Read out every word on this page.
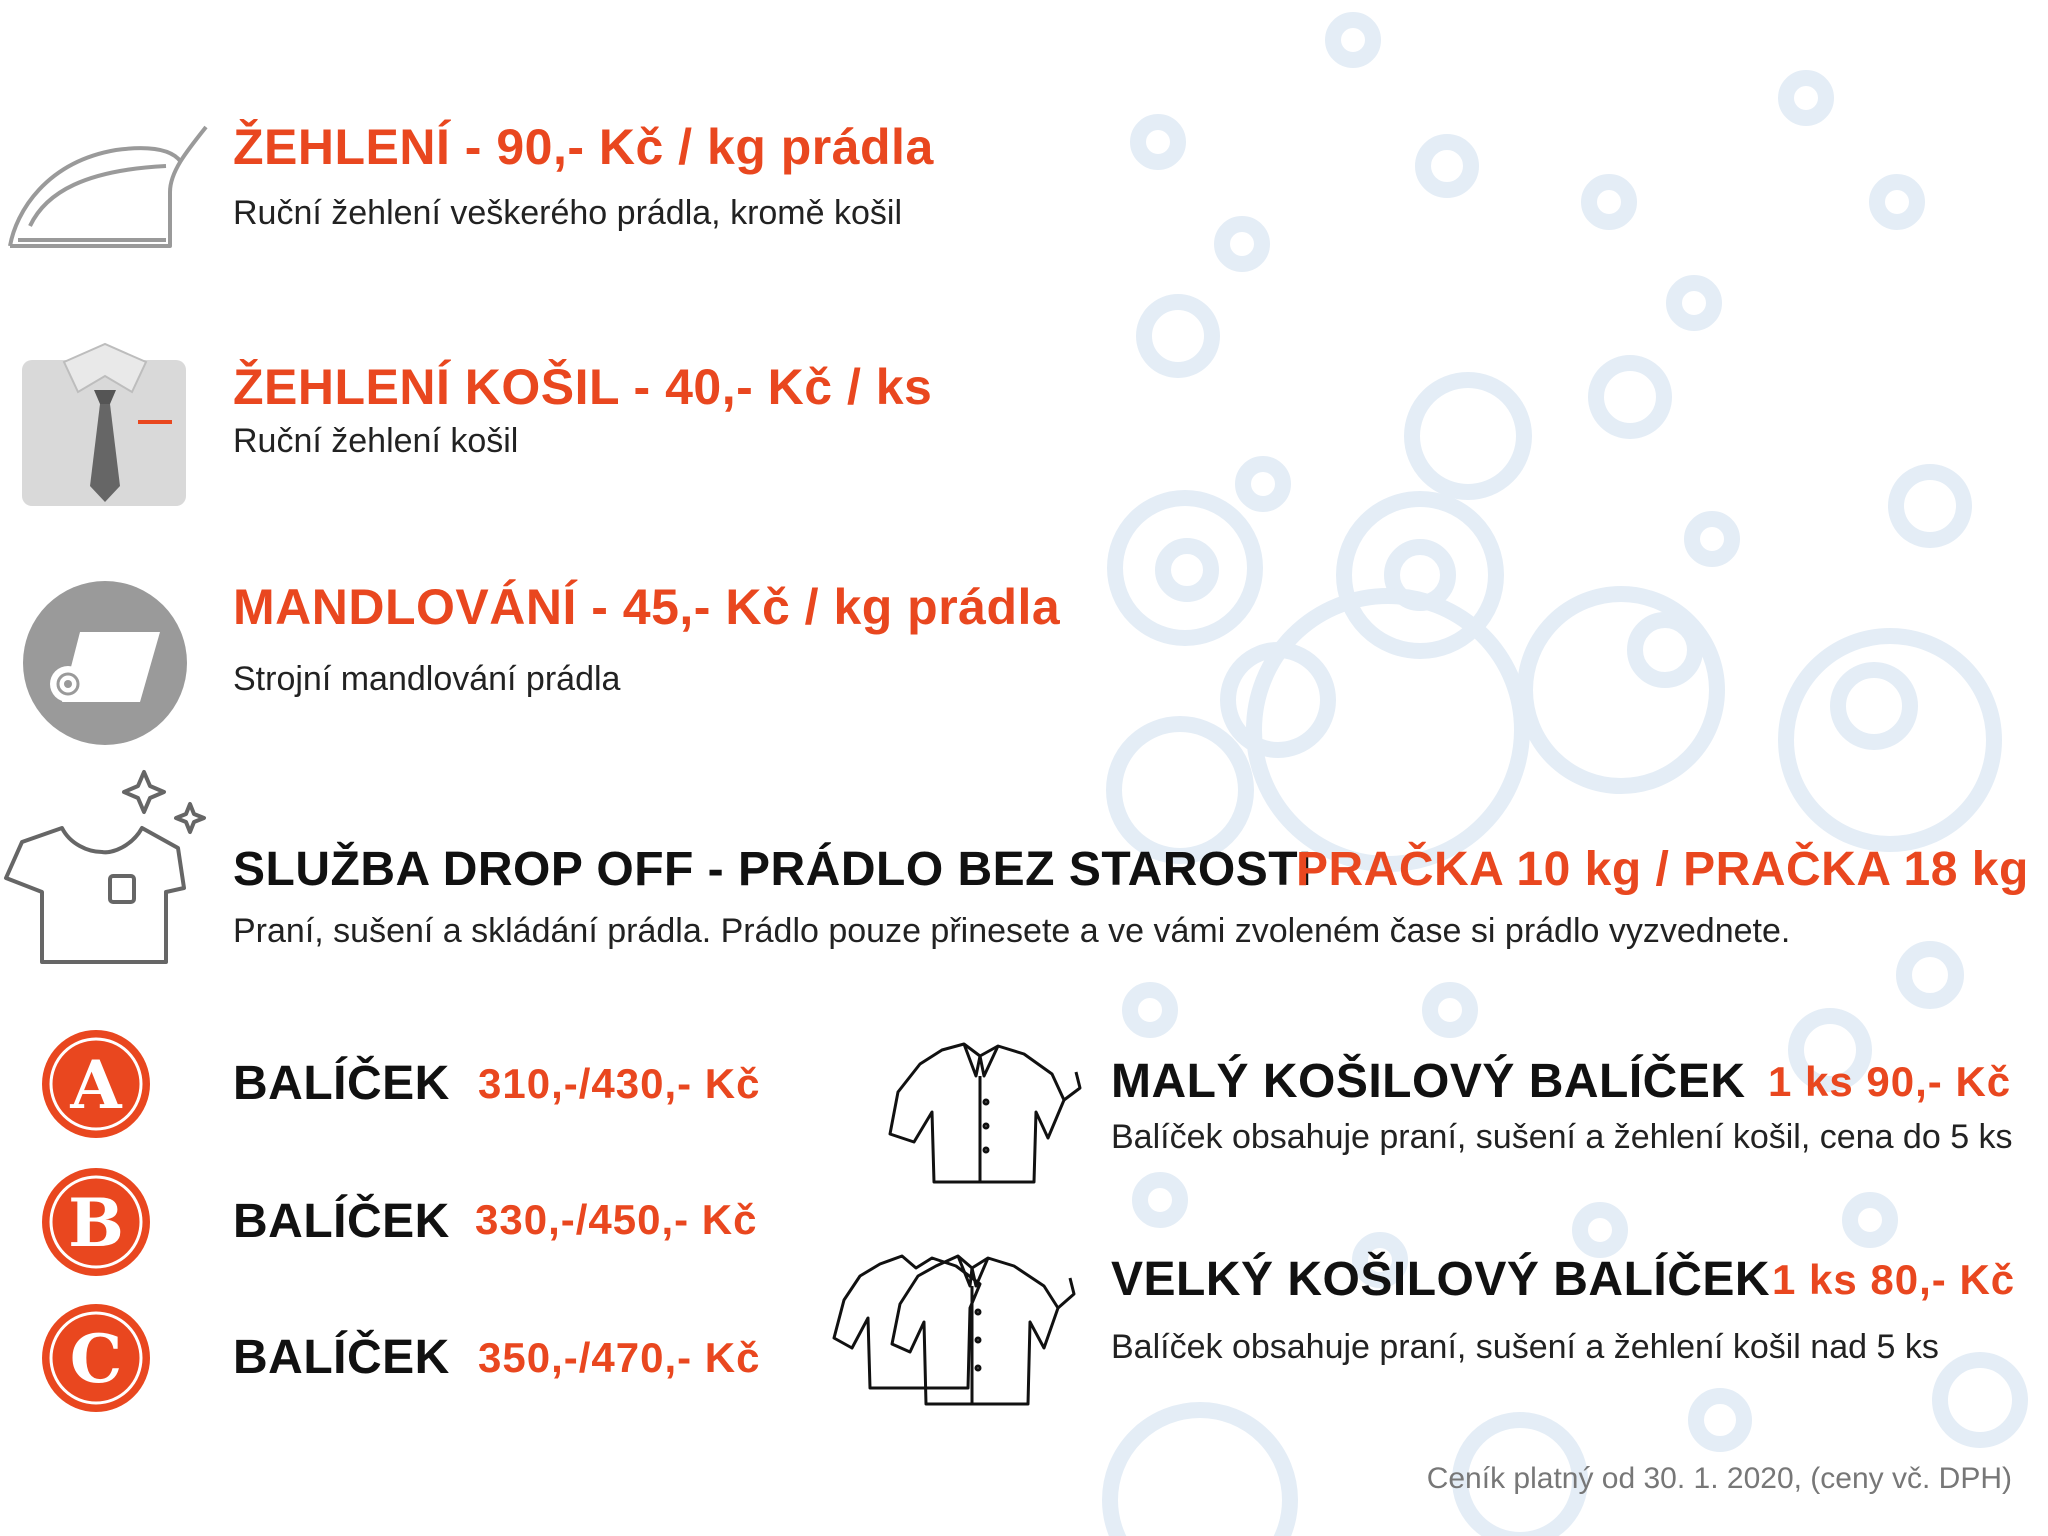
ŽEHLENÍ - 90,- Kč / kg prádla
Ruční žehlení veškerého prádla, kromě košil
ŽEHLENÍ KOŠIL - 40,- Kč / ks
Ruční žehlení košil
MANDLOVÁNÍ - 45,- Kč / kg prádla
Strojní mandlování prádla
SLUŽBA DROP OFF - PRÁDLO BEZ STAROSTI
PRAČKA 10 kg / PRAČKA 18 kg
Praní, sušení a skládání prádla. Prádlo pouze přinesete a ve vámi zvoleném čase si prádlo vyzvednete.
A BALÍČEK 310,-/430,- Kč
B BALÍČEK 330,-/450,- Kč
C BALÍČEK 350,-/470,- Kč
MALÝ KOŠILOVÝ BALÍČEK 1 ks 90,- Kč
Balíček obsahuje praní, sušení a žehlení košil, cena do 5 ks
VELKÝ KOŠILOVÝ BALÍČEK 1 ks 80,- Kč
Balíček obsahuje praní, sušení a žehlení košil nad 5 ks
Ceník platný od 30. 1. 2020, (ceny vč. DPH)
